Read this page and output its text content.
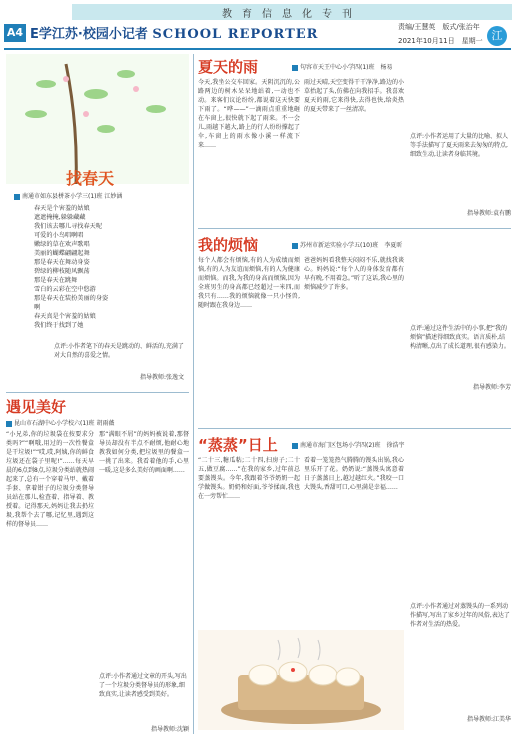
教育信息化专刊
A4 E学江苏·校园小记者 SCHOOL REPORTER	责编/王慧英　版式/张治年
2021年10月11日　星期一 江
找春天
南通市如东县栟茶小学三(1)班 江妙涵
春天是个害羞的姑娘
遮遮掩掩,躲躲藏藏
我们该去哪儿寻找春天呢
可爱的小鸟唱啊唱
嫩绿的草在欢声歌唱
美丽的蝴蝶翩翩起舞
那是春天在舞动身姿
碧绿的柳枝随风飘荡
那是春天在跳舞
雪白的云彩在空中悠游
那是春天在装扮美丽的身姿
啊
春天真是个害羞的姑娘
我们终于找到了她
点评:小作者笔下的春天是跳动的、鲜活的,充满了对大自然的喜爱之情。
指导教师:张逸文
遇见美好
昆山市石湖中心小学校六(1)班 胡雨薇
“小兄弟,你的垃圾袋在按要求分类吗?”“啊哦,用过的一次性餐盒是干垃圾!”“哎,哎,阿姨,你的鲜食垃圾还在袋子里呢!”……每天早晨的6点到8点,垃圾分类站就热闹起来了,总有一个穿着马甲、戴着手套、拿着钳子的垃圾分类督导员站在那儿,检查着、指导着、教授着。记得那天,妈妈让我去扔垃圾,我帮个去了哪,记忆里,遇到这样的督导员……
那“满眼不屑”的妈妈被说着,那督导员却没有半点不耐烦,他耐心地教我如何分类,把垃圾里的餐盒一一挑了出来。我看着他的手,心里一暖,这是多么美好的画面啊……
点评:小作者通过文章的开头,写出了一个垃圾分类督导员的形象,细致真实,让读者感受到美好。
指导教师:沈颖
夏天的雨	句容市天王中心小学四(1)班　 杨易
今天,我坐公交车回家。天阴沉沉的,公路两边的树木呆呆地站着,一动也不动。来客们议论纷纷,都说着这天快要下雨了。“哗——”一滴雨点重重地砸在车窗上,很快就下起了雨来。不一会儿,雨越下越大,路上的行人纷纷撑起了伞,车窗上的雨水像小溪一样流下来……
雨过天晴,天空变得干干净净,路边的小草抬起了头,仿佛在向我招手。我喜欢夏天的雨,它来得快,去得也快,给炎热的夏天带来了一丝清凉。
点评:小作者运用了大量的比喻、拟人等手法描写了夏天雨来去匆匆的特点,细致生动,让读者身临其境。
指导教师:袁有鹏
我的烦恼	苏州市新运实验小学五(10)班　 李夏昕
每个人都会有烦恼,有的人为成绩而烦恼,有的人为友谊而烦恼,有的人为健康而烦恼。而我,为我的身高而烦恼,因为全班男生的身高都已经超过一米四,而我只有……我的烦恼就像一只小怪兽,随时跟在我身边……
爸爸妈妈看我整天闷闷不乐,就找我谈心。妈妈说:“每个人的身体发育都有早有晚,不用着急。”听了这话,我心里的烦恼减少了许多。
点评:通过这件生活中的小事,把“我的烦恼”描述得细致真实。语言质朴,结构清晰,点出了成长道理,很有感染力。
指导教师:李芳
“蒸蒸”日上	南通市海门区包场小学四(2)班　 徐浩宇
“二十三,糖瓜粘;二十四,扫房子;二十五,做豆腐……”在我的家乡,过年前总要蒸馒头。今年,我跟着爷爷奶奶一起学做馒头。奶奶和好面,爷爷揉面,我也在一旁帮忙……
看着一笼笼热气腾腾的馒头出锅,我心里乐开了花。奶奶说:“蒸馒头寓意着日子蒸蒸日上,越过越红火。”我咬一口大馒头,香甜可口,心里满是幸福……
点评:小作者通过对蒸馒头的一系列动作描写,写出了家乡过年的风俗,表达了作者对生活的热爱。
指导教师:江美华
